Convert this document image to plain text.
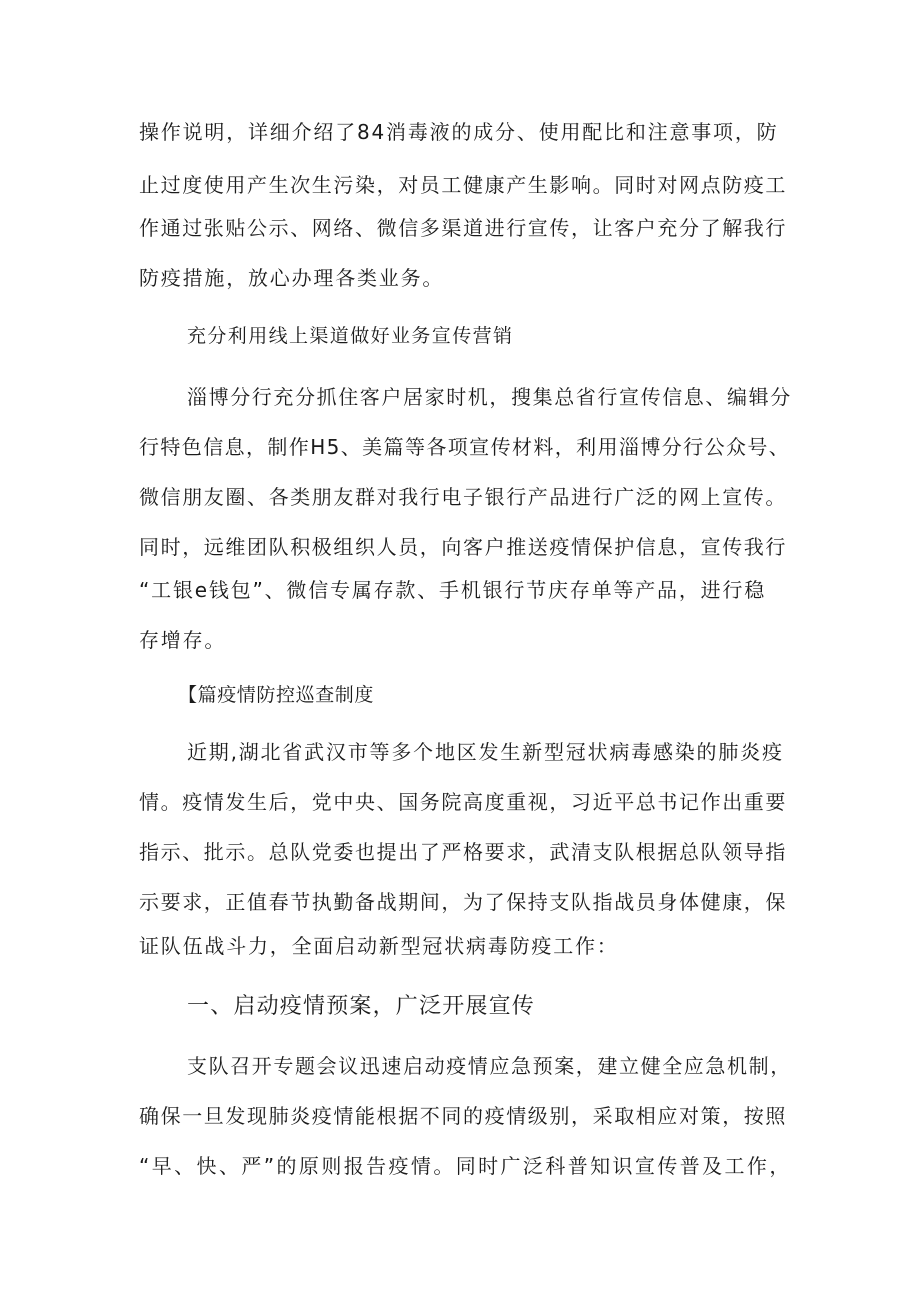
操作说明，详细介绍了84消毒液的成分、使用配比和注意事项，防
止过度使用产生次生污染，对员工健康产生影响。同时对网点防疫工
作通过张贴公示、网络、微信多渠道进行宣传，让客户充分了解我行
防疫措施，放心办理各类业务。
充分利用线上渠道做好业务宣传营销
淄博分行充分抓住客户居家时机，搜集总省行宣传信息、编辑分
行特色信息，制作H5、美篇等各项宣传材料，利用淄博分行公众号、
微信朋友圈、各类朋友群对我行电子银行产品进行广泛的网上宣传。
同时，远维团队积极组织人员，向客户推送疫情保护信息，宣传我行
“工银e钱包”、微信专属存款、手机银行节庆存单等产品，进行稳
存增存。
【篇疫情防控巡查制度
近期,湖北省武汉市等多个地区发生新型冠状病毒感染的肺炎疫
情。疫情发生后，党中央、国务院高度重视，习近平总书记作出重要
指示、批示。总队党委也提出了严格要求，武清支队根据总队领导指
示要求，正值春节执勤备战期间，为了保持支队指战员身体健康，保
证队伍战斗力，全面启动新型冠状病毒防疫工作：
一、启动疫情预案，广泛开展宣传
支队召开专题会议迅速启动疫情应急预案，建立健全应急机制，
确保一旦发现肺炎疫情能根据不同的疫情级别，采取相应对策，按照
“早、快、严”的原则报告疫情。同时广泛科普知识宣传普及工作，
